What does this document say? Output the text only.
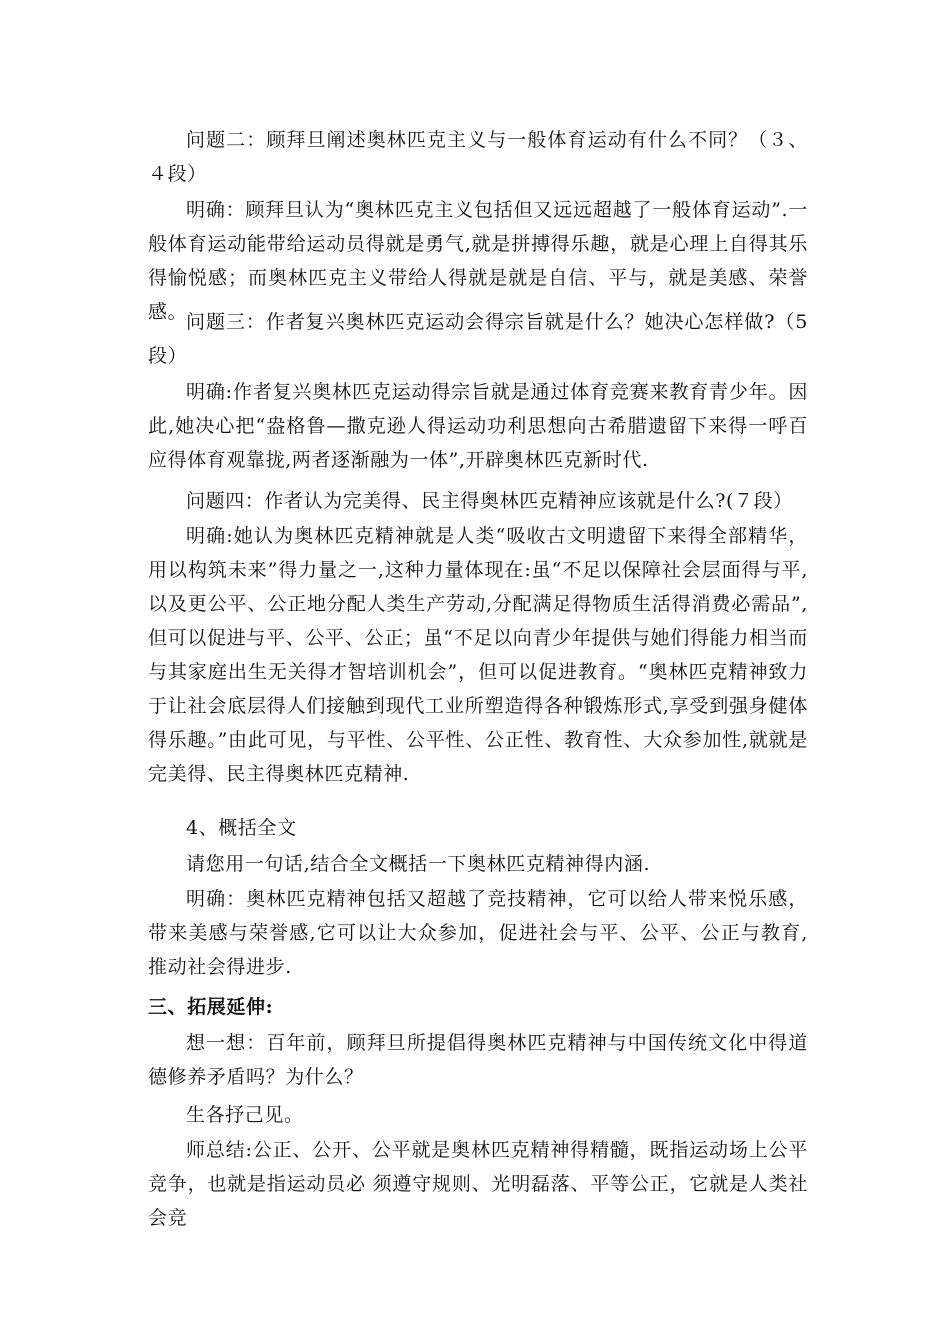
问题二：顾拜旦阐述奥林匹克主义与一般体育运动有什么不同？（３、４段）

明确：顾拜旦认为“奥林匹克主义包括但又远远超越了一般体育运动”.一般体育运动能带给运动员得就是勇气,就是拼搏得乐趣，就是心理上自得其乐得愉悦感；而奥林匹克主义带给人得就是就是自信、平与，就是美感、荣誉感。

问题三：作者复兴奥林匹克运动会得宗旨就是什么？她决心怎样做?（5段）

明确:作者复兴奥林匹克运动得宗旨就是通过体育竞赛来教育青少年。因此,她决心把“盎格鲁—撒克逊人得运动功利思想向古希腊遗留下来得一呼百应得体育观靠拢,两者逐渐融为一体”,开辟奥林匹克新时代.

问题四：作者认为完美得、民主得奥林匹克精神应该就是什么?(７段）

明确:她认为奥林匹克精神就是人类“吸收古文明遗留下来得全部精华，用以构筑未来”得力量之一,这种力量体现在:虽“不足以保障社会层面得与平,以及更公平、公正地分配人类生产劳动,分配满足得物质生活得消费必需品”,但可以促进与平、公平、公正；虽“不足以向青少年提供与她们得能力相当而与其家庭出生无关得才智培训机会”，但可以促进教育。“奥林匹克精神致力于让社会底层得人们接触到现代工业所塑造得各种锻炼形式,享受到强身健体得乐趣。”由此可见，与平性、公平性、公正性、教育性、大众参加性,就就是完美得、民主得奥林匹克精神.

4、概括全文

请您用一句话,结合全文概括一下奥林匹克精神得内涵.

明确：奥林匹克精神包括又超越了竞技精神，它可以给人带来悦乐感，带来美感与荣誉感,它可以让大众参加，促进社会与平、公平、公正与教育,推动社会得进步.

三、拓展延伸:

想一想：百年前，顾拜旦所提倡得奥林匹克精神与中国传统文化中得道德修养矛盾吗？为什么？

生各抒己见。

师总结:公正、公开、公平就是奥林匹克精神得精髓，既指运动场上公平竞争，也就是指运动员必 须遵守规则、光明磊落、平等公正，它就是人类社会竞
